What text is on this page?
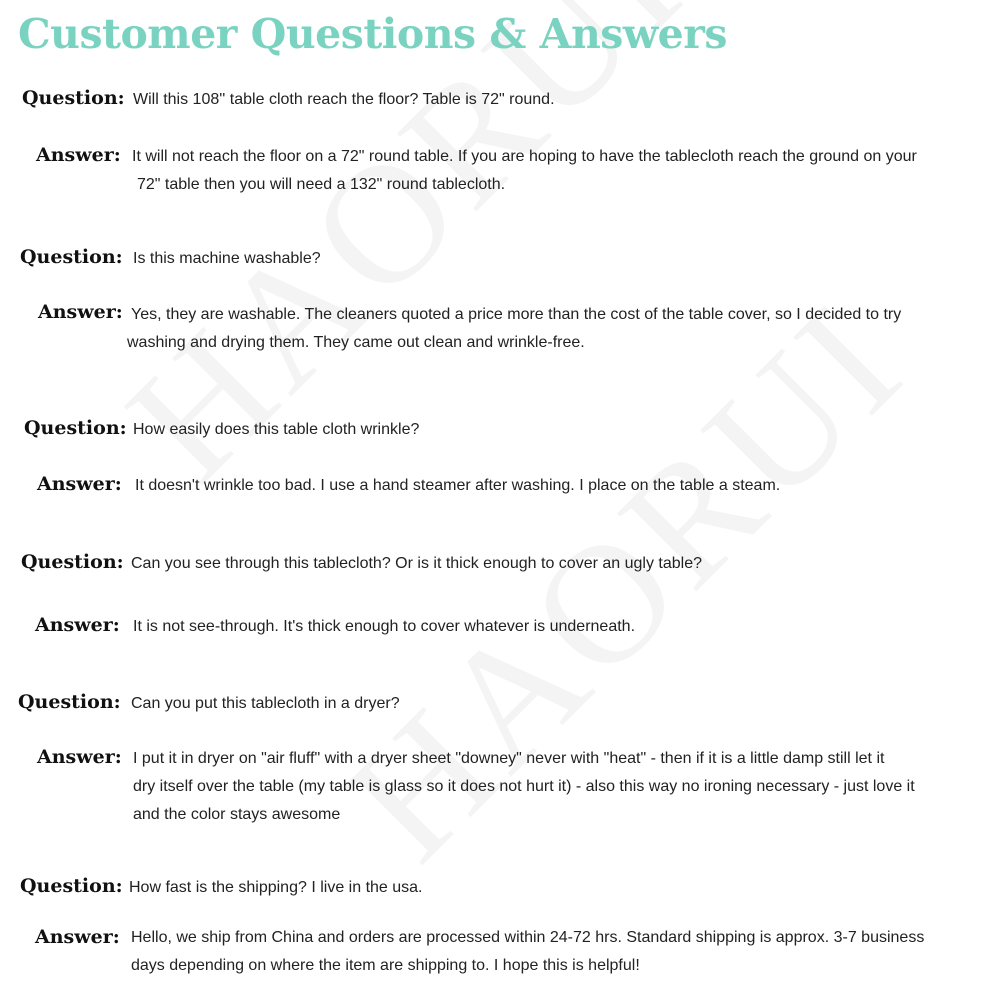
Customer Questions & Answers
Question: Will this 108'' table cloth reach the floor? Table is 72" round.
Answer: It will not reach the floor on a 72" round table. If you are hoping to have the tablecloth reach the ground on your
72" table then you will need a 132" round tablecloth.
Question: Is this machine washable?
Answer: Yes, they are washable. The cleaners quoted a price more than the cost of the table cover, so I decided to try
washing and drying them. They came out clean and wrinkle-free.
Question: How easily does this table cloth wrinkle?
Answer: It doesn't wrinkle too bad. I use a hand steamer after washing. I place on the table a steam.
Question: Can you see through this tablecloth? Or is it thick enough to cover an ugly table?
Answer: It is not see-through. It's thick enough to cover whatever is underneath.
Question: Can you put this tablecloth in a dryer?
Answer: I put it in dryer on "air fluff" with a dryer sheet "downey" never with "heat" - then if it is a little damp still let it
dry itself over the table (my table is glass so it does not hurt it) - also this way no ironing necessary - just love it
and the color stays awesome
Question: How fast is the shipping? I live in the usa.
Answer: Hello, we ship from China and orders are processed within 24-72 hrs. Standard shipping is approx. 3-7 business
days depending on where the item are shipping to. I hope this is helpful!
